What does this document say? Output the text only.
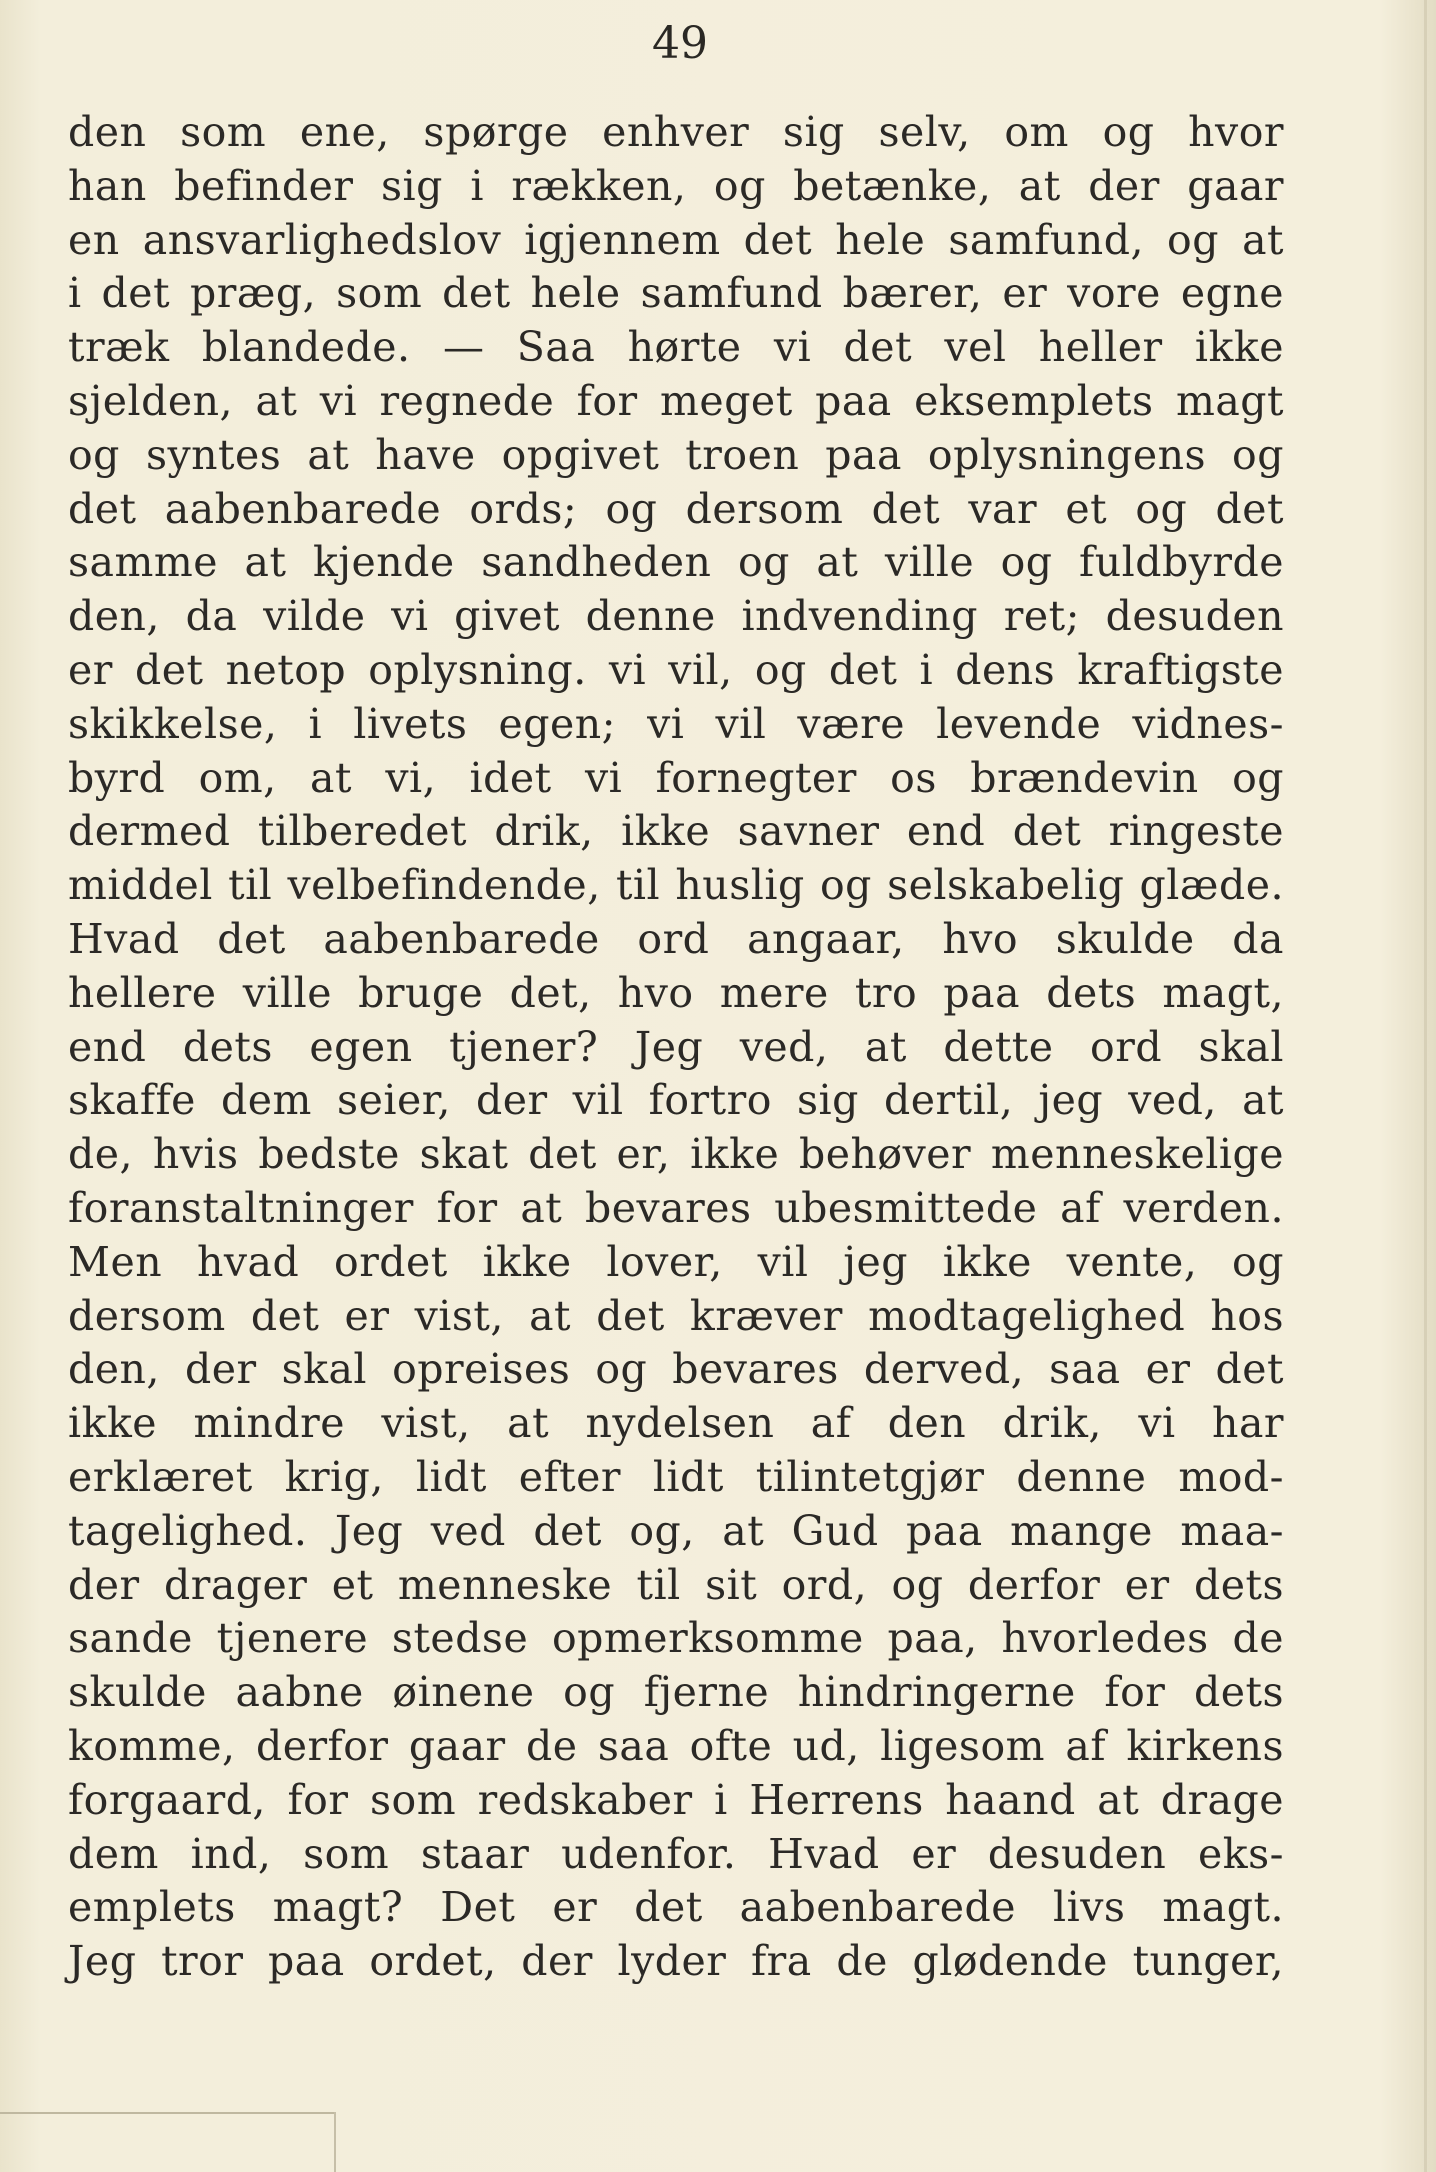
49
den som ene, spørge enhver sig selv, om og hvor
han befinder sig i rækken, og betænke, at der gaar
en ansvarlighedslov igjennem det hele samfund, og at
i det præg, som det hele samfund bærer, er vore egne
træk blandede. — Saa hørte vi det vel heller ikke
sjelden, at vi regnede for meget paa eksemplets magt
og syntes at have opgivet troen paa oplysningens og
det aabenbarede ords; og dersom det var et og det
samme at kjende sandheden og at ville og fuldbyrde
den, da vilde vi givet denne indvending ret; desuden
er det netop oplysning. vi vil, og det i dens kraftigste
skikkelse, i livets egen; vi vil være levende vidnes-
byrd om, at vi, idet vi fornegter os brændevin og
dermed tilberedet drik, ikke savner end det ringeste
middel til velbefindende, til huslig og selskabelig glæde.
Hvad det aabenbarede ord angaar, hvo skulde da
hellere ville bruge det, hvo mere tro paa dets magt,
end dets egen tjener? Jeg ved, at dette ord skal
skaffe dem seier, der vil fortro sig dertil, jeg ved, at
de, hvis bedste skat det er, ikke behøver menneskelige
foranstaltninger for at bevares ubesmittede af verden.
Men hvad ordet ikke lover, vil jeg ikke vente, og
dersom det er vist, at det kræver modtagelighed hos
den, der skal opreises og bevares derved, saa er det
ikke mindre vist, at nydelsen af den drik, vi har
erklæret krig, lidt efter lidt tilintetgjør denne mod-
tagelighed. Jeg ved det og, at Gud paa mange maa-
der drager et menneske til sit ord, og derfor er dets
sande tjenere stedse opmerksomme paa, hvorledes de
skulde aabne øinene og fjerne hindringerne for dets
komme, derfor gaar de saa ofte ud, ligesom af kirkens
forgaard, for som redskaber i Herrens haand at drage
dem ind, som staar udenfor. Hvad er desuden eks-
emplets magt? Det er det aabenbarede livs magt.
Jeg tror paa ordet, der lyder fra de glødende tunger,
